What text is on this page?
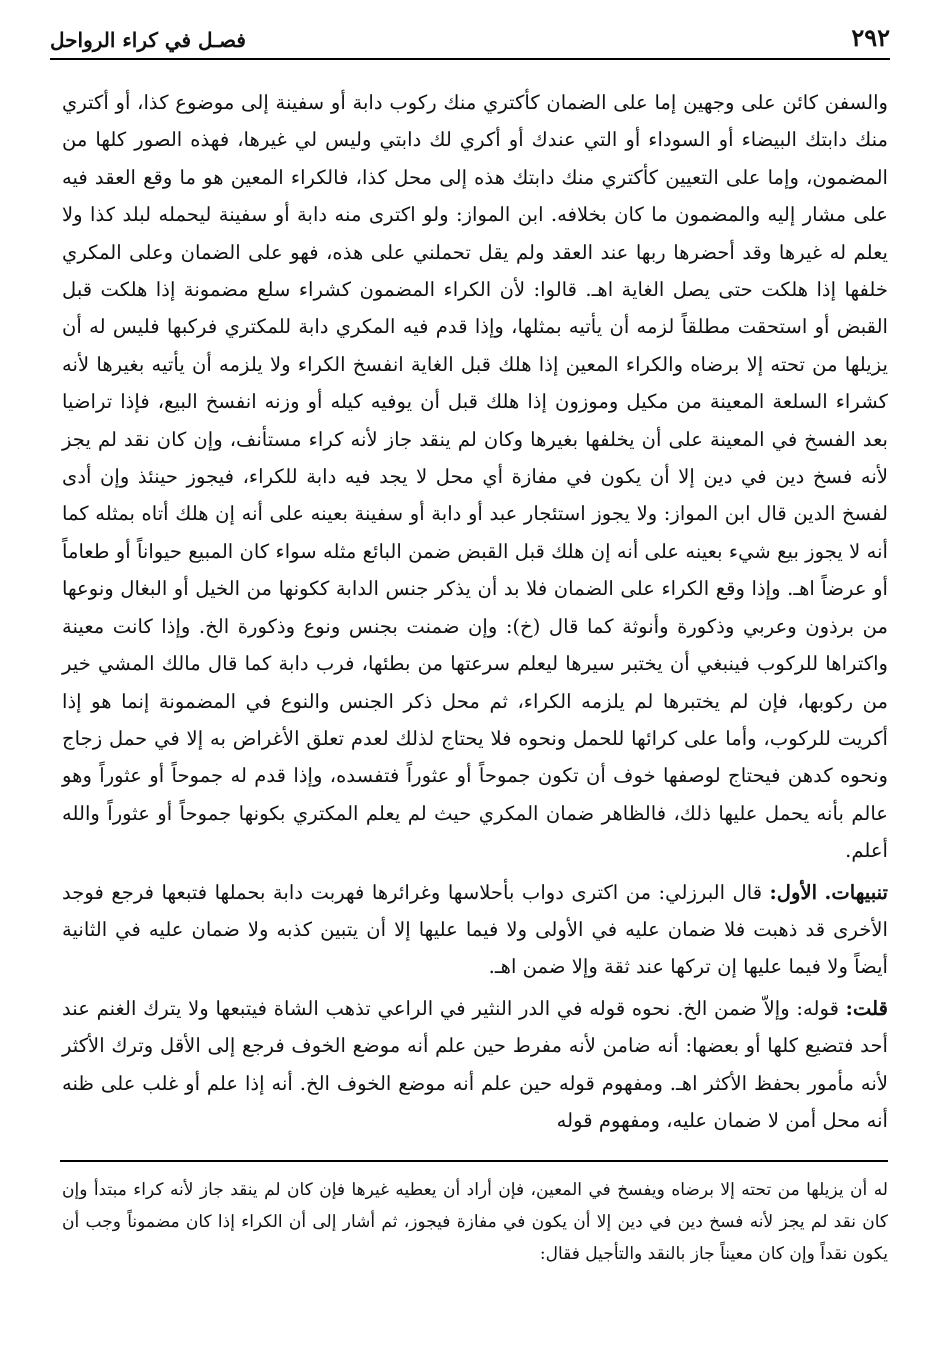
٢٩٢
فصـل في كراء الرواحل

والسفن كائن على وجهين إما على الضمان كأكتري منك ركوب دابة أو سفينة إلى موضوع كذا، أو أكتري منك دابتك البيضاء أو السوداء أو التي عندك أو أكري لك دابتي وليس لي غيرها، فهذه الصور كلها من المضمون، وإما على التعيين كأكتري منك دابتك هذه إلى محل كذا، فالكراء المعين هو ما وقع العقد فيه على مشار إليه والمضمون ما كان بخلافه. ابن المواز: ولو اكترى منه دابة أو سفينة ليحمله لبلد كذا ولا يعلم له غيرها وقد أحضرها ربها عند العقد ولم يقل تحملني على هذه، فهو على الضمان وعلى المكري خلفها إذا هلكت حتى يصل الغاية اهـ. قالوا: لأن الكراء المضمون كشراء سلع مضمونة إذا هلكت قبل القبض أو استحقت مطلقاً لزمه أن يأتيه بمثلها، وإذا قدم فيه المكري دابة للمكتري فركبها فليس له أن يزيلها من تحته إلا برضاه والكراء المعين إذا هلك قبل الغاية انفسخ الكراء ولا يلزمه أن يأتيه بغيرها لأنه كشراء السلعة المعينة من مكيل وموزون إذا هلك قبل أن يوفيه كيله أو وزنه انفسخ البيع، فإذا تراضيا بعد الفسخ في المعينة على أن يخلفها بغيرها وكان لم ينقد جاز لأنه كراء مستأنف، وإن كان نقد لم يجز لأنه فسخ دين في دين إلا أن يكون في مفازة أي محل لا يجد فيه دابة للكراء، فيجوز حينئذ وإن أدى لفسخ الدين قال ابن المواز: ولا يجوز استئجار عبد أو دابة أو سفينة بعينه على أنه إن هلك أتاه بمثله كما أنه لا يجوز بيع شيء بعينه على أنه إن هلك قبل القبض ضمن البائع مثله سواء كان المبيع حيواناً أو طعاماً أو عرضاً اهـ. وإذا وقع الكراء على الضمان فلا بد أن يذكر جنس الدابة ككونها من الخيل أو البغال ونوعها من برذون وعربي وذكورة وأنوثة كما قال (خ): وإن ضمنت بجنس ونوع وذكورة الخ. وإذا كانت معينة واكتراها للركوب فينبغي أن يختبر سيرها ليعلم سرعتها من بطئها، فرب دابة كما قال مالك المشي خير من ركوبها، فإن لم يختبرها لم يلزمه الكراء، ثم محل ذكر الجنس والنوع في المضمونة إنما هو إذا أكريت للركوب، وأما على كرائها للحمل ونحوه فلا يحتاج لذلك لعدم تعلق الأغراض به إلا في حمل زجاج ونحوه كدهن فيحتاج لوصفها خوف أن تكون جموحاً أو عثوراً فتفسده، وإذا قدم له جموحاً أو عثوراً وهو عالم بأنه يحمل عليها ذلك، فالظاهر ضمان المكري حيث لم يعلم المكتري بكونها جموحاً أو عثوراً والله أعلم.

تنبيهات. الأول: قال البرزلي: من اكترى دواب بأحلاسها وغرائرها فهربت دابة بحملها فتبعها فرجع فوجد الأخرى قد ذهبت فلا ضمان عليه في الأولى ولا فيما عليها إلا أن يتبين كذبه ولا ضمان عليه في الثانية أيضاً ولا فيما عليها إن تركها عند ثقة وإلا ضمن اهـ.

قلت: قوله: وإلاّ ضمن الخ. نحوه قوله في الدر النثير في الراعي تذهب الشاة فيتبعها ولا يترك الغنم عند أحد فتضيع كلها أو بعضها: أنه ضامن لأنه مفرط حين علم أنه موضع الخوف فرجع إلى الأقل وترك الأكثر لأنه مأمور بحفظ الأكثر اهـ. ومفهوم قوله حين علم أنه موضع الخوف الخ. أنه إذا علم أو غلب على ظنه أنه محل أمن لا ضمان عليه، ومفهوم قوله

له أن يزيلها من تحته إلا برضاه ويفسخ في المعين، فإن أراد أن يعطيه غيرها فإن كان لم ينقد جاز لأنه كراء مبتدأ وإن كان نقد لم يجز لأنه فسخ دين في دين إلا أن يكون في مفازة فيجوز، ثم أشار إلى أن الكراء إذا كان مضموناً وجب أن يكون نقداً وإن كان معيناً جاز بالنقد والتأجيل فقال:
